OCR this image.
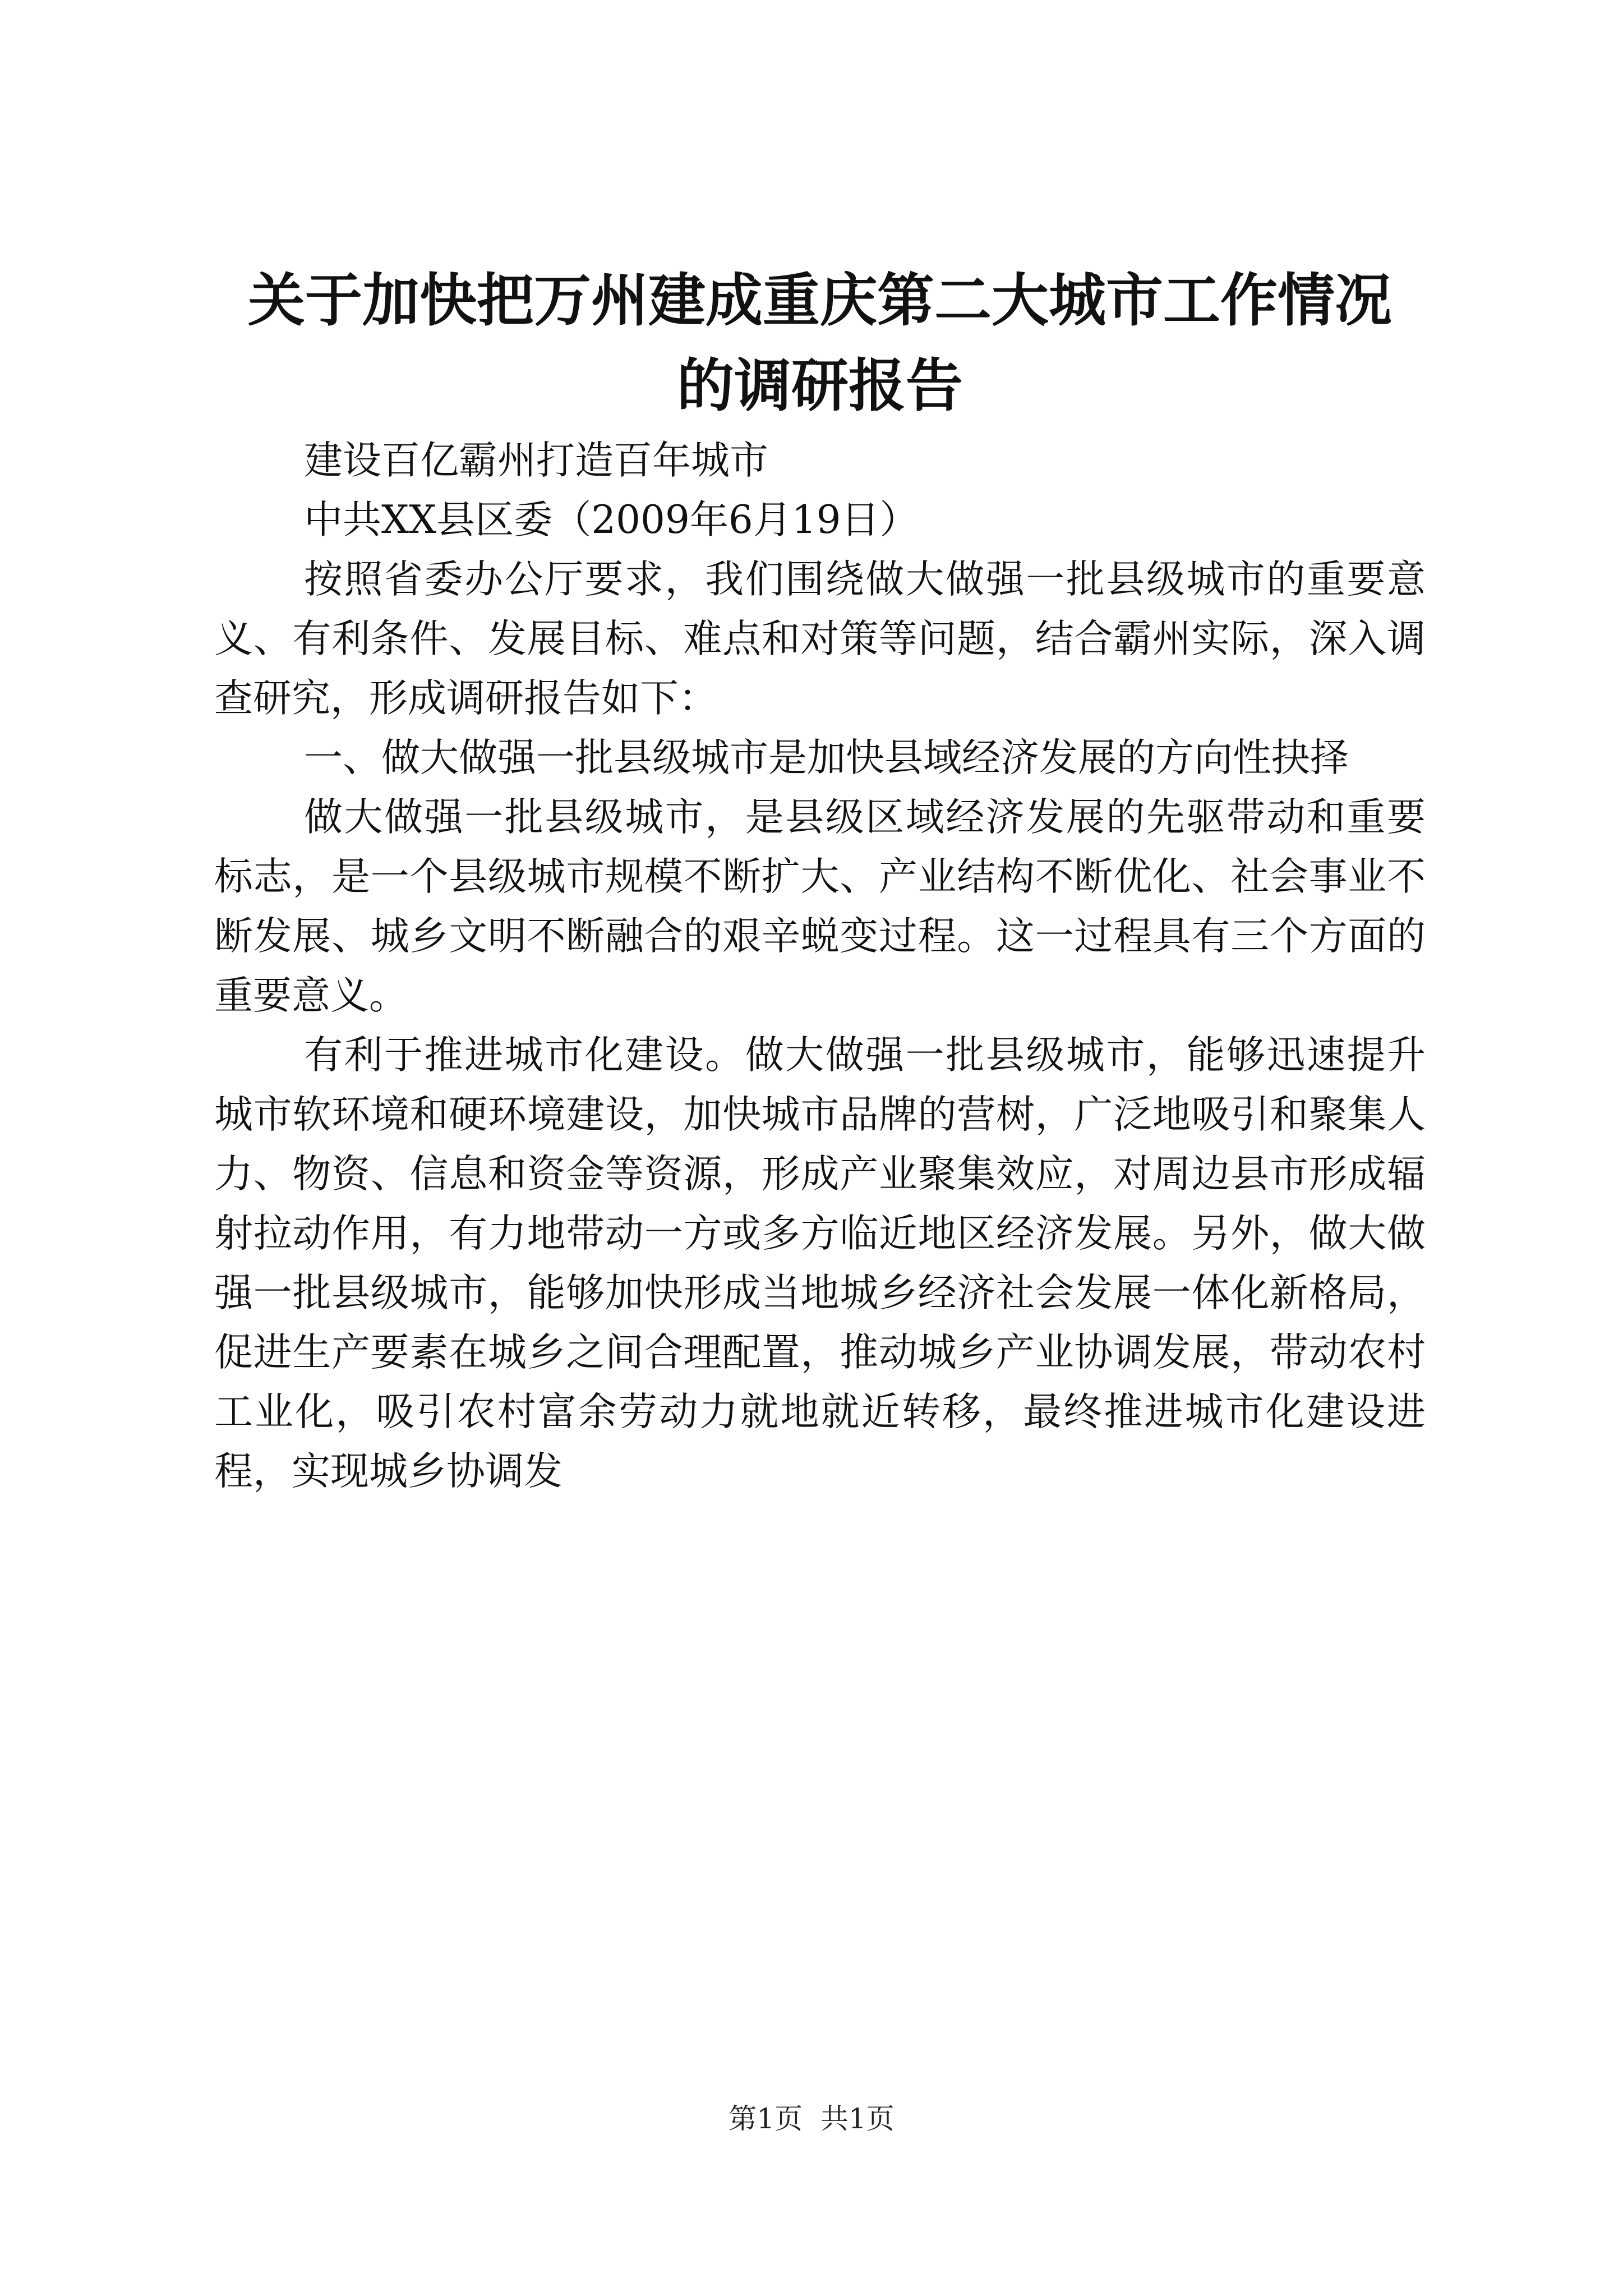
关于加快把万州建成重庆第二大城市工作情况
的调研报告

建设百亿霸州打造百年城市

中共XX县区委（2009年6月19日）

按照省委办公厅要求，我们围绕做大做强一批县级城市的重要意义、有利条件、发展目标、难点和对策等问题，结合霸州实际，深入调查研究，形成调研报告如下：

一、做大做强一批县级城市是加快县域经济发展的方向性抉择

做大做强一批县级城市，是县级区域经济发展的先驱带动和重要标志，是一个县级城市规模不断扩大、产业结构不断优化、社会事业不断发展、城乡文明不断融合的艰辛蜕变过程。这一过程具有三个方面的重要意义。

有利于推进城市化建设。做大做强一批县级城市，能够迅速提升城市软环境和硬环境建设，加快城市品牌的营树，广泛地吸引和聚集人力、物资、信息和资金等资源，形成产业聚集效应，对周边县市形成辐射拉动作用，有力地带动一方或多方临近地区经济发展。另外，做大做强一批县级城市，能够加快形成当地城乡经济社会发展一体化新格局，促进生产要素在城乡之间合理配置，推动城乡产业协调发展，带动农村工业化，吸引农村富余劳动力就地就近转移，最终推进城市化建设进程，实现城乡协调发

第1页  共1页
